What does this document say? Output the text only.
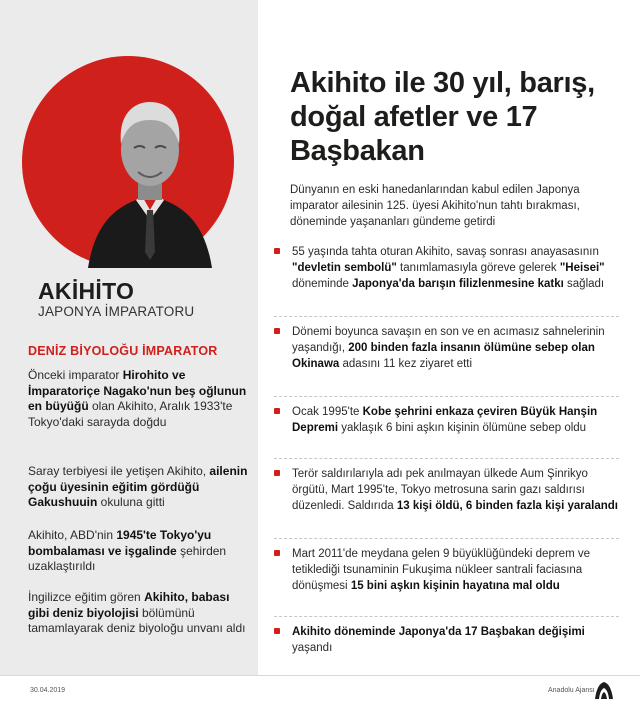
AKİHİTO
JAPONYA İMPARATORU
DENİZ BİYOLOĞU İMPARATOR
Önceki imparator Hirohito ve İmparatoriçe Nagako'nun beş oğlunun en büyüğü olan Akihito, Aralık 1933'te Tokyo'daki sarayda doğdu
Saray terbiyesi ile yetişen Akihito, ailenin çoğu üyesinin eğitim gördüğü Gakushuuin okuluna gitti
Akihito, ABD'nin 1945'te Tokyo'yu bombalaması ve işgalinde şehirden uzaklaştırıldı
İngilizce eğitim gören Akihito, babası gibi deniz biyolojisi bölümünü tamamlayarak deniz biyoloğu unvanı aldı
Akihito ile 30 yıl, barış, doğal afetler ve 17 Başbakan
Dünyanın en eski hanedanlarından kabul edilen Japonya imparator ailesinin 125. üyesi Akihito'nun tahtı bırakması, döneminde yaşananları gündeme getirdi
55 yaşında tahta oturan Akihito, savaş sonrası anayasasının "devletin sembolü" tanımlamasıyla göreve gelerek "Heisei" döneminde Japonya'da barışın filizlenmesine katkı sağladı
Dönemi boyunca savaşın en son ve en acımasız sahnelerinin yaşandığı, 200 binden fazla insanın ölümüne sebep olan Okinawa adasını 11 kez ziyaret etti
Ocak 1995'te Kobe şehrini enkaza çeviren Büyük Hanşin Depremi yaklaşık 6 bini aşkın kişinin ölümüne sebep oldu
Terör saldırılarıyla adı pek anılmayan ülkede Aum Şinrikyo örgütü, Mart 1995'te, Tokyo metrosuna sarin gazı saldırısı düzenledi. Saldırıda 13 kişi öldü, 6 binden fazla kişi yaralandı
Mart 2011'de meydana gelen 9 büyüklüğündeki deprem ve tetiklediği tsunaminin Fukuşima nükleer santrali faciasına dönüşmesi 15 bini aşkın kişinin hayatına mal oldu
Akihito döneminde Japonya'da 17 Başbakan değişimi yaşandı
30.04.2019	Anadolu Ajansı
